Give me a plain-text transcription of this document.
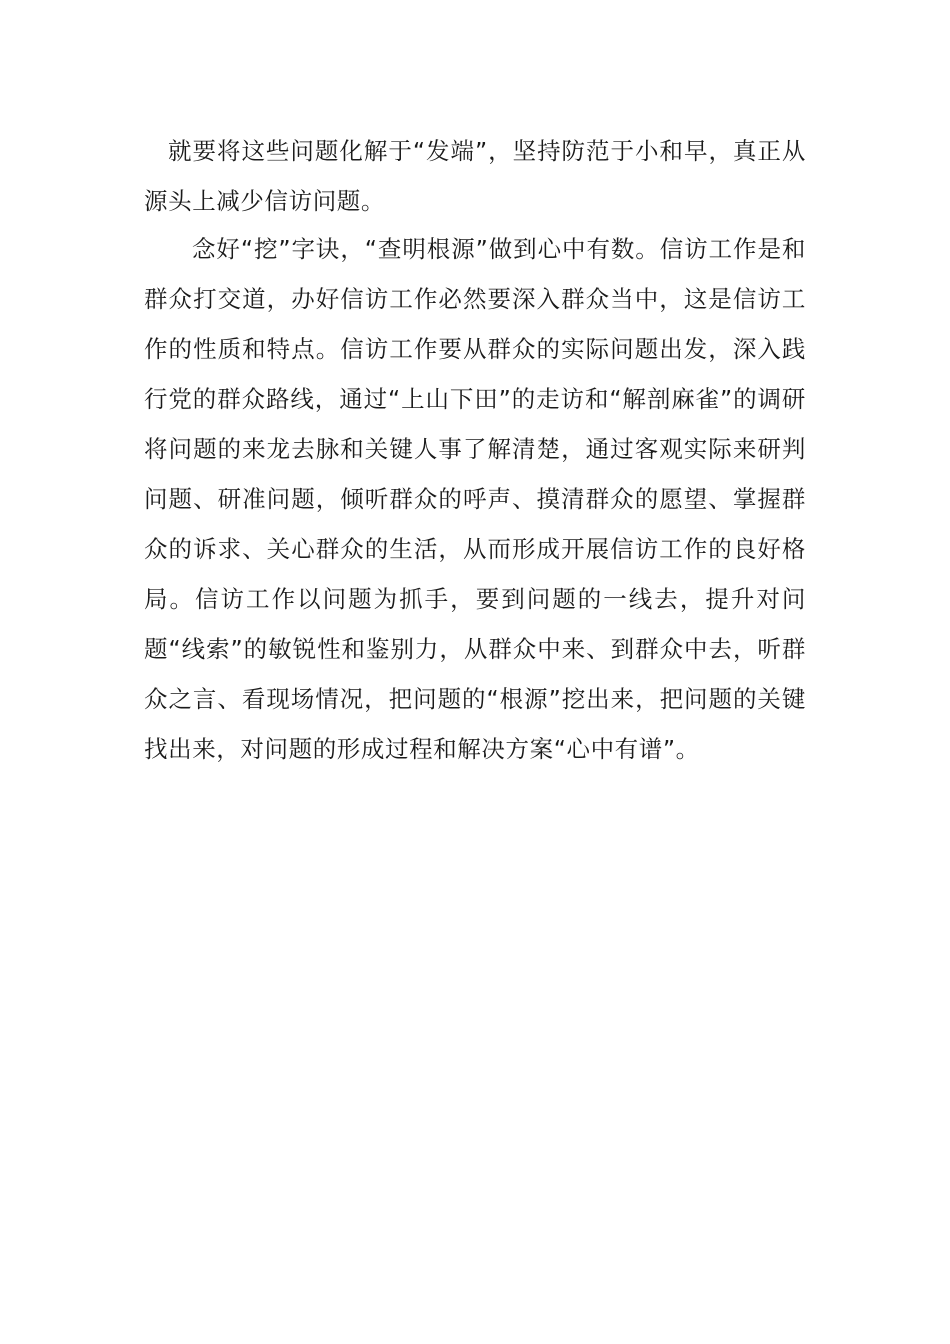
就要将这些问题化解于“发端”，坚持防范于小和早，真正从源头上减少信访问题。

念好“挖”字诀，“查明根源”做到心中有数。信访工作是和群众打交道，办好信访工作必然要深入群众当中，这是信访工作的性质和特点。信访工作要从群众的实际问题出发，深入践行党的群众路线，通过“上山下田”的走访和“解剖麻雀”的调研将问题的来龙去脉和关键人事了解清楚，通过客观实际来研判问题、研准问题，倾听群众的呼声、摸清群众的愿望、掌握群众的诉求、关心群众的生活，从而形成开展信访工作的良好格局。信访工作以问题为抓手，要到问题的一线去，提升对问题“线索”的敏锐性和鉴别力，从群众中来、到群众中去，听群众之言、看现场情况，把问题的“根源”挖出来，把问题的关键找出来，对问题的形成过程和解决方案“心中有谱”。
